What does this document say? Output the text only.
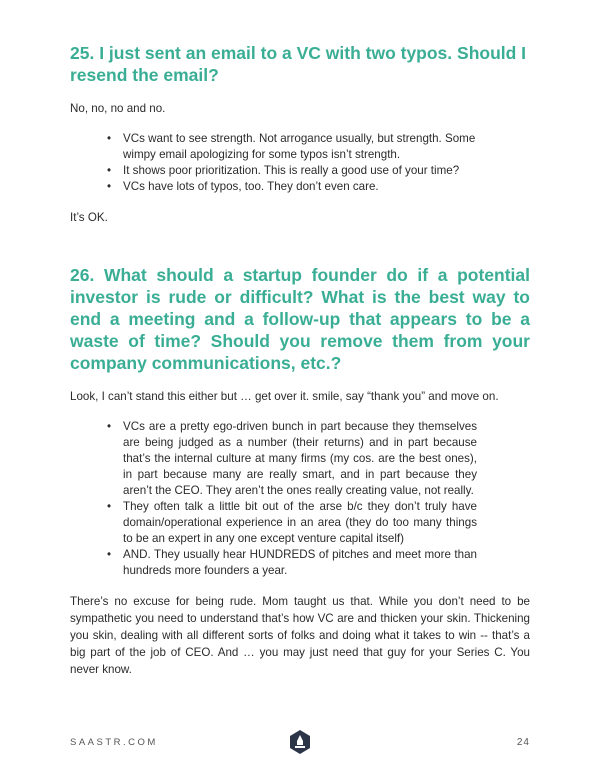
25. I just sent an email to a VC with two typos. Should I resend the email?

No, no, no and no.

• VCs want to see strength. Not arrogance usually, but strength. Some wimpy email apologizing for some typos isn’t strength.
• It shows poor prioritization. This is really a good use of your time?
• VCs have lots of typos, too. They don’t even care.

It’s OK.

26. What should a startup founder do if a potential investor is rude or difficult? What is the best way to end a meeting and a follow-up that appears to be a waste of time? Should you remove them from your company communications, etc.?

Look, I can’t stand this either but … get over it. smile, say “thank you” and move on.

• VCs are a pretty ego-driven bunch in part because they themselves are being judged as a number (their returns) and in part because that’s the internal culture at many firms (my cos. are the best ones), in part because many are really smart, and in part because they aren’t the CEO. They aren’t the ones really creating value, not really.
• They often talk a little bit out of the arse b/c they don’t truly have domain/operational experience in an area (they do too many things to be an expert in any one except venture capital itself)
• AND. They usually hear HUNDREDS of pitches and meet more than hundreds more founders a year.

There’s no excuse for being rude. Mom taught us that. While you don’t need to be sympathetic you need to understand that’s how VC are and thicken your skin. Thickening you skin, dealing with all different sorts of folks and doing what it takes to win -- that’s a big part of the job of CEO. And … you may just need that guy for your Series C. You never know.

SAASTR.COM	24
